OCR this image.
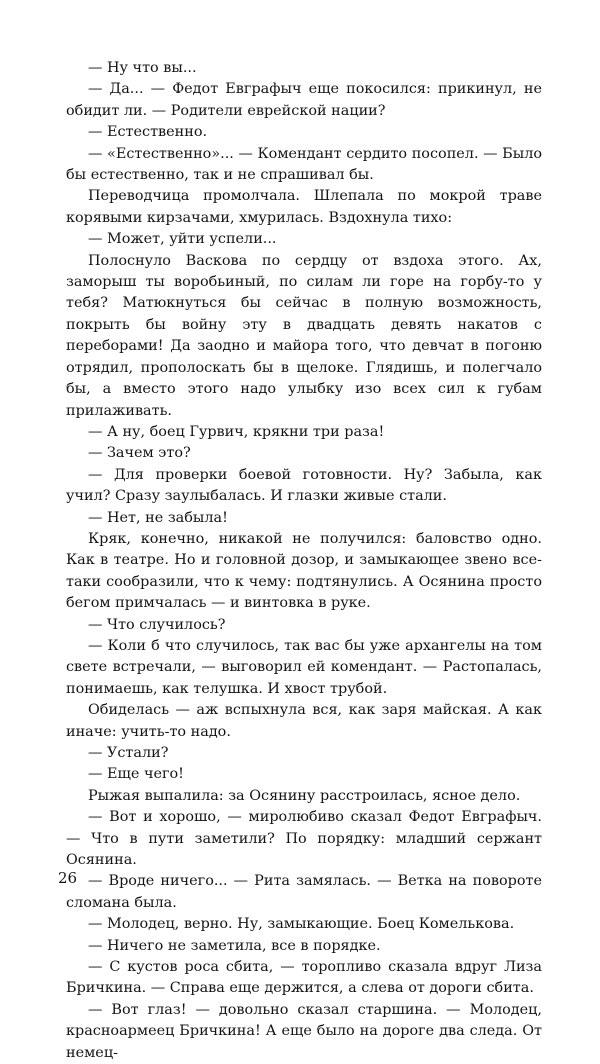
— Ну что вы...

— Да... — Федот Евграфыч еще покосился: прикинул, не обидит ли. — Родители еврейской нации?

— Естественно.

— «Естественно»... — Комендант сердито посопел. — Было бы естественно, так и не спрашивал бы.

Переводчица промолчала. Шлепала по мокрой траве корявыми кирзачами, хмурилась. Вздохнула тихо:

— Может, уйти успели...

Полоснуло Васкова по сердцу от вздоха этого. Ах, заморыш ты воробьиный, по силам ли горе на горбу-то у тебя? Матюкнуться бы сейчас в полную возможность, покрыть бы войну эту в двадцать девять накатов с переборами! Да заодно и майора того, что девчат в погоню отрядил, прополоскать бы в щелоке. Глядишь, и полегчало бы, а вместо этого надо улыбку изо всех сил к губам прилаживать.

— А ну, боец Гурвич, крякни три раза!

— Зачем это?

— Для проверки боевой готовности. Ну? Забыла, как учил? Сразу заулыбалась. И глазки живые стали.

— Нет, не забыла!

Кряк, конечно, никакой не получился: баловство одно. Как в театре. Но и головной дозор, и замыкающее звено все-таки сообразили, что к чему: подтянулись. А Осянина просто бегом примчалась — и винтовка в руке.

— Что случилось?

— Коли б что случилось, так вас бы уже архангелы на том свете встречали, — выговорил ей комендант. — Растопалась, понимаешь, как телушка. И хвост трубой.

Обиделась — аж вспыхнула вся, как заря майская. А как иначе: учить-то надо.

— Устали?

— Еще чего!

Рыжая выпалила: за Осянину расстроилась, ясное дело.

— Вот и хорошо, — миролюбиво сказал Федот Евграфыч. — Что в пути заметили? По порядку: младший сержант Осянина.

— Вроде ничего... — Рита замялась. — Ветка на повороте сломана была.

— Молодец, верно. Ну, замыкающие. Боец Комелькова.

— Ничего не заметила, все в порядке.

— С кустов роса сбита, — торопливо сказала вдруг Лиза Бричкина. — Справа еще держится, а слева от дороги сбита.

— Вот глаз! — довольно сказал старшина. — Молодец, красноармеец Бричкина! А еще было на дороге два следа. От немец-

26
